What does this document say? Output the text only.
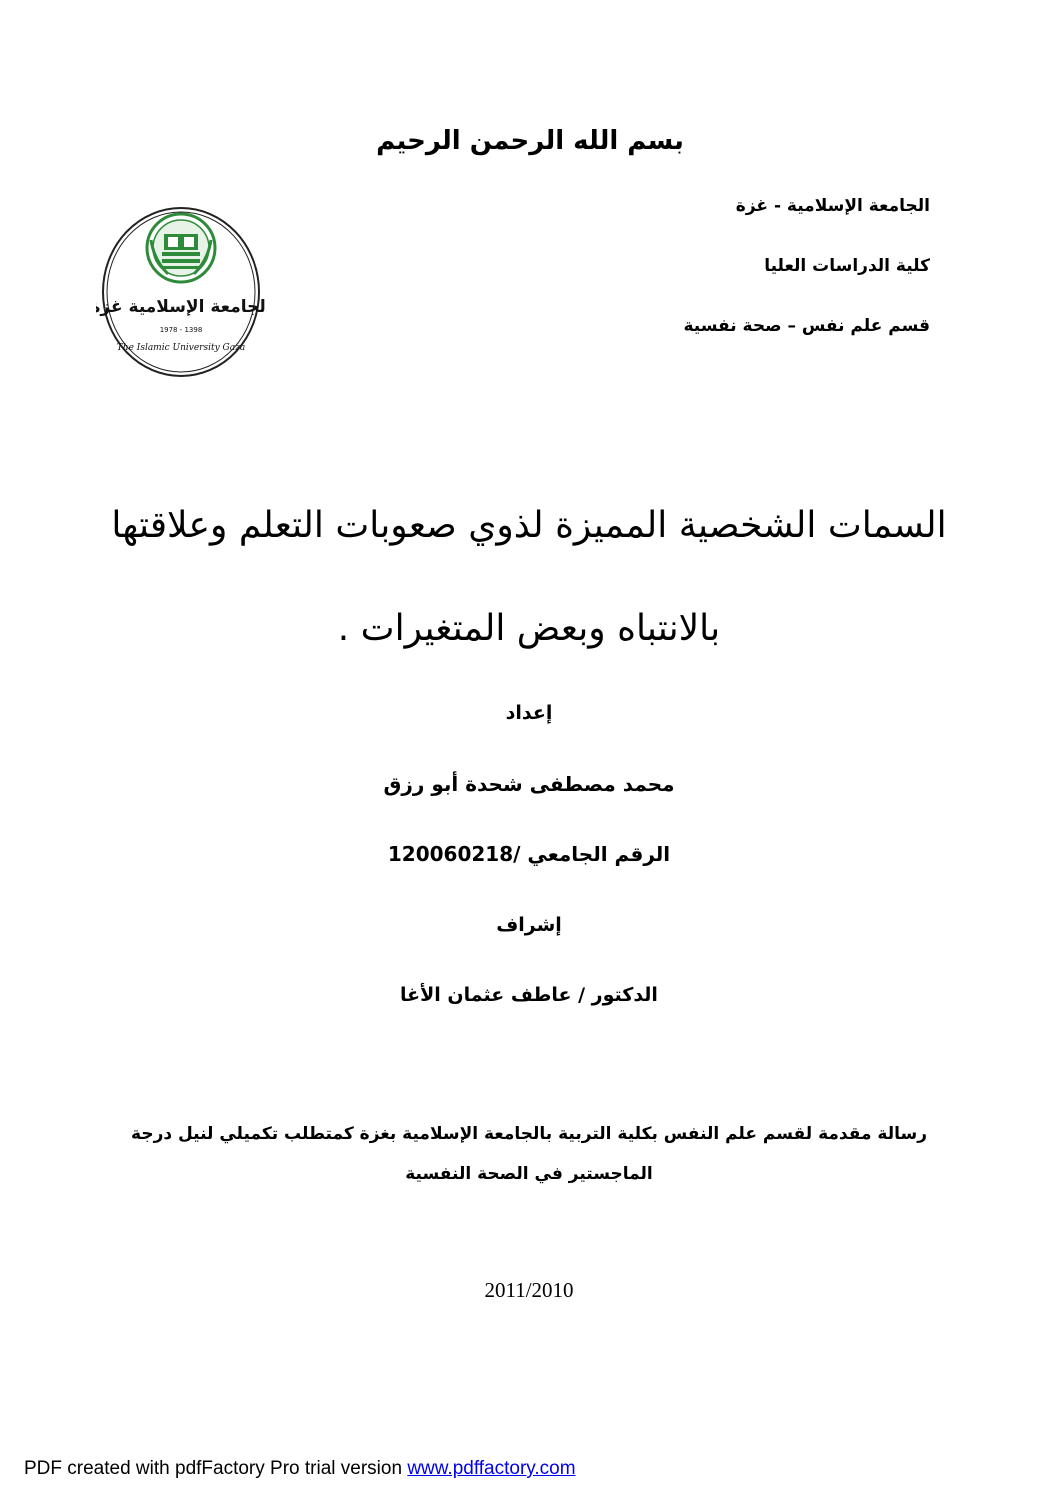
بسم الله الرحمن الرحيم
الجامعة الإسلامية - غزة
كلية الدراسات العليا
قسم علم نفس – صحة نفسية
الجامعة الإسلامية غزة
1978 - 1398
The Islamic University Gaza
السمات الشخصية المميزة لذوي صعوبات التعلم وعلاقتها
بالانتباه وبعض المتغيرات .
إعداد
محمد مصطفى شحدة أبو رزق
الرقم الجامعي /120060218
إشراف
الدكتور / عاطف عثمان الأغا
رسالة مقدمة لقسم علم النفس بكلية التربية بالجامعة الإسلامية بغزة كمتطلب تكميلي لنيل درجة
الماجستير في الصحة النفسية
2011/2010
PDF created with pdfFactory Pro trial version www.pdffactory.com
